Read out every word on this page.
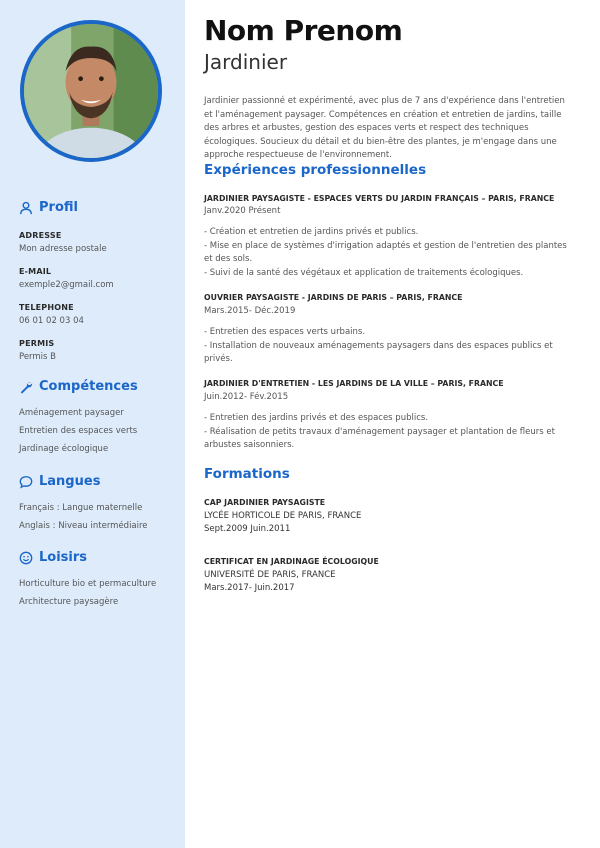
Profil
ADRESSE
Mon adresse postale
E-MAIL
exemple2@gmail.com
TELEPHONE
06 01 02 03 04
PERMIS
Permis B
Compétences
Aménagement paysager
Entretien des espaces verts
Jardinage écologique
Langues
Français : Langue maternelle
Anglais : Niveau intermédiaire
Loisirs
Horticulture bio et permaculture
Architecture paysagère
Nom Prenom
Jardinier
Jardinier passionné et expérimenté, avec plus de 7 ans d'expérience dans l'entretien et l'aménagement paysager. Compétences en création et entretien de jardins, taille des arbres et arbustes, gestion des espaces verts et respect des techniques écologiques. Soucieux du détail et du bien-être des plantes, je m'engage dans une approche respectueuse de l'environnement.
Expériences professionnelles
JARDINIER PAYSAGISTE - ESPACES VERTS DU JARDIN FRANÇAIS – PARIS, FRANCE
Janv.2020 Présent
- Création et entretien de jardins privés et publics.
- Mise en place de systèmes d'irrigation adaptés et gestion de l'entretien des plantes et des sols.
- Suivi de la santé des végétaux et application de traitements écologiques.
OUVRIER PAYSAGISTE - JARDINS DE PARIS – PARIS, FRANCE
Mars.2015- Déc.2019
- Entretien des espaces verts urbains.
- Installation de nouveaux aménagements paysagers dans des espaces publics et privés.
JARDINIER D'ENTRETIEN - LES JARDINS DE LA VILLE – PARIS, FRANCE
Juin.2012- Fév.2015
- Entretien des jardins privés et des espaces publics.
- Réalisation de petits travaux d'aménagement paysager et plantation de fleurs et arbustes saisonniers.
Formations
CAP JARDINIER PAYSAGISTE
LYCÉE HORTICOLE DE PARIS, FRANCE
Sept.2009 Juin.2011
CERTIFICAT EN JARDINAGE ÉCOLOGIQUE
UNIVERSITÉ DE PARIS, FRANCE
Mars.2017- Juin.2017
